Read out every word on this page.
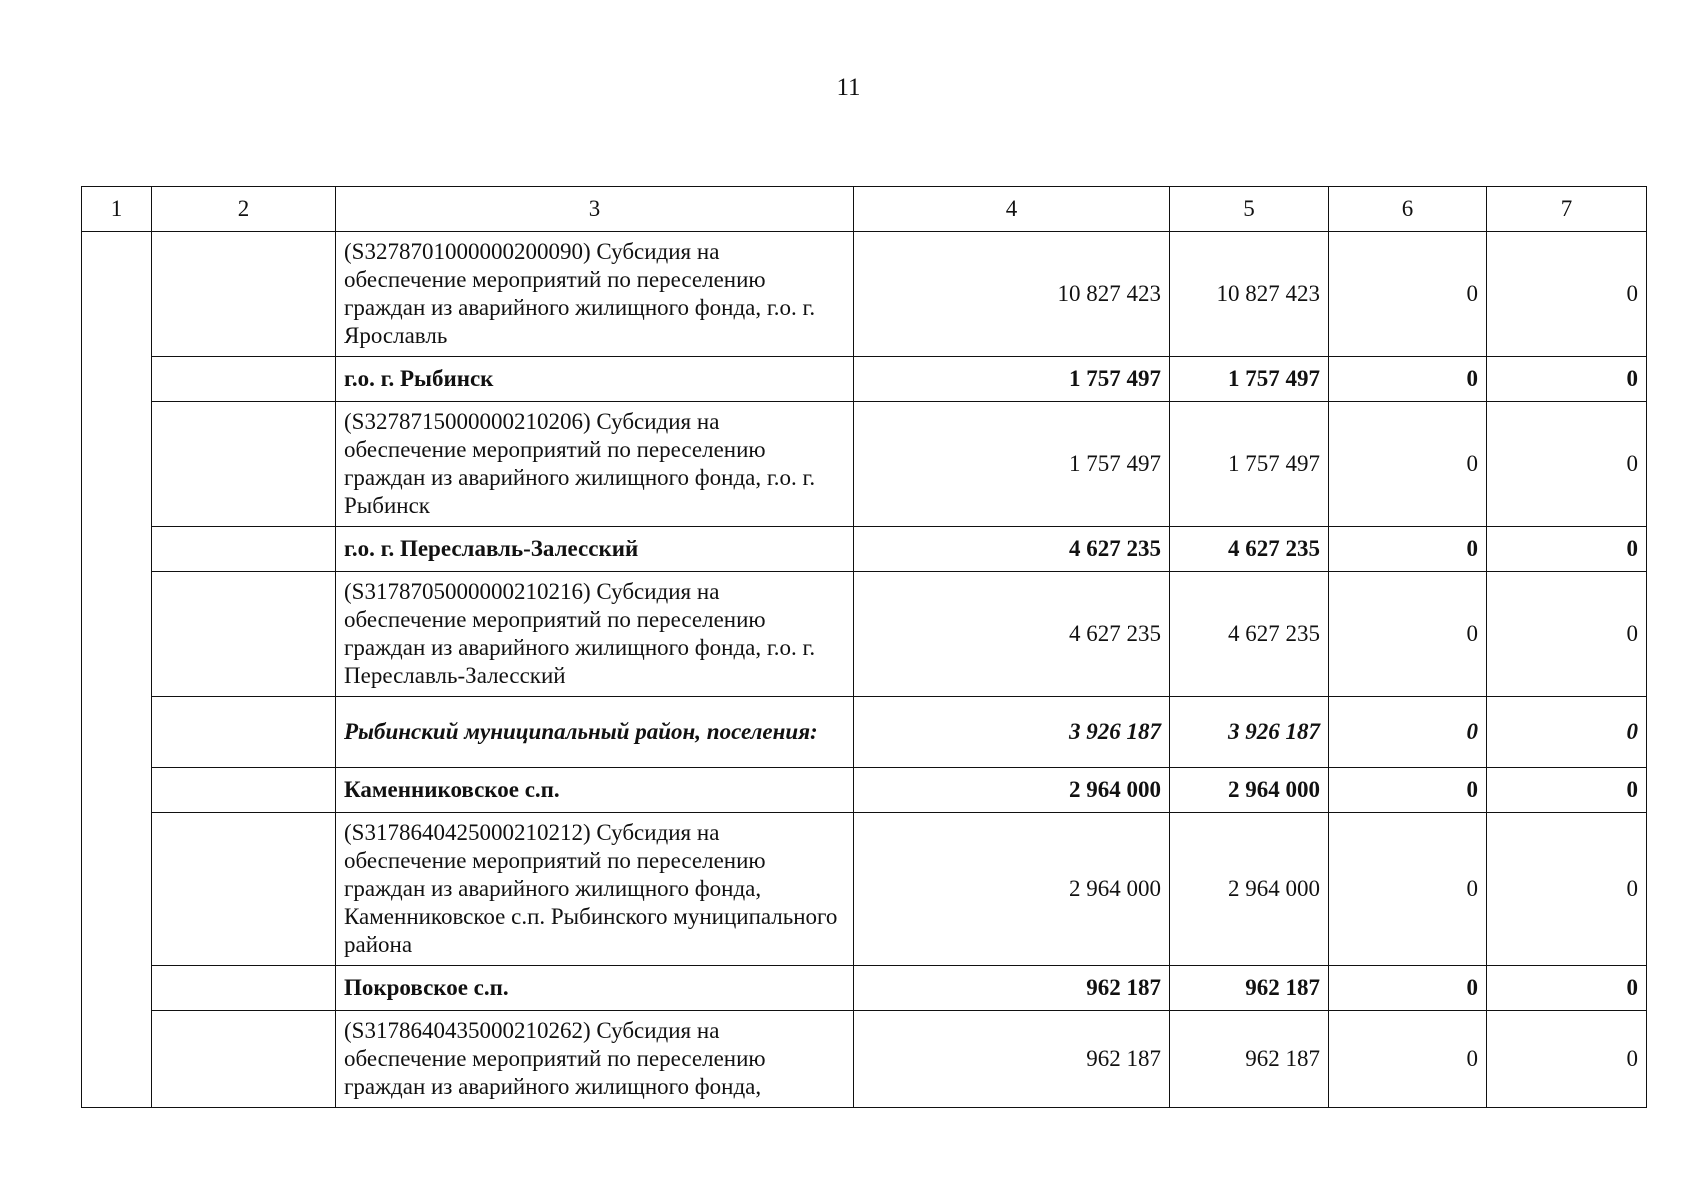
11
1	2	3	4	5	6	7
		(S3278701000000200090) Субсидия на обеспечение мероприятий по переселению граждан из аварийного жилищного фонда, г.о. г. Ярославль	10 827 423	10 827 423	0	0
		г.о. г. Рыбинск	1 757 497	1 757 497	0	0
		(S3278715000000210206) Субсидия на обеспечение мероприятий по переселению граждан из аварийного жилищного фонда, г.о. г. Рыбинск	1 757 497	1 757 497	0	0
		г.о. г. Переславль-Залесский	4 627 235	4 627 235	0	0
		(S3178705000000210216) Субсидия на обеспечение мероприятий по переселению граждан из аварийного жилищного фонда, г.о. г. Переславль-Залесский	4 627 235	4 627 235	0	0
		Рыбинский муниципальный район, поселения:	3 926 187	3 926 187	0	0
		Каменниковское с.п.	2 964 000	2 964 000	0	0
		(S3178640425000210212) Субсидия на обеспечение мероприятий по переселению граждан из аварийного жилищного фонда, Каменниковское с.п. Рыбинского муниципального района	2 964 000	2 964 000	0	0
		Покровское с.п.	962 187	962 187	0	0
		(S3178640435000210262) Субсидия на обеспечение мероприятий по переселению граждан из аварийного жилищного фонда,	962 187	962 187	0	0
